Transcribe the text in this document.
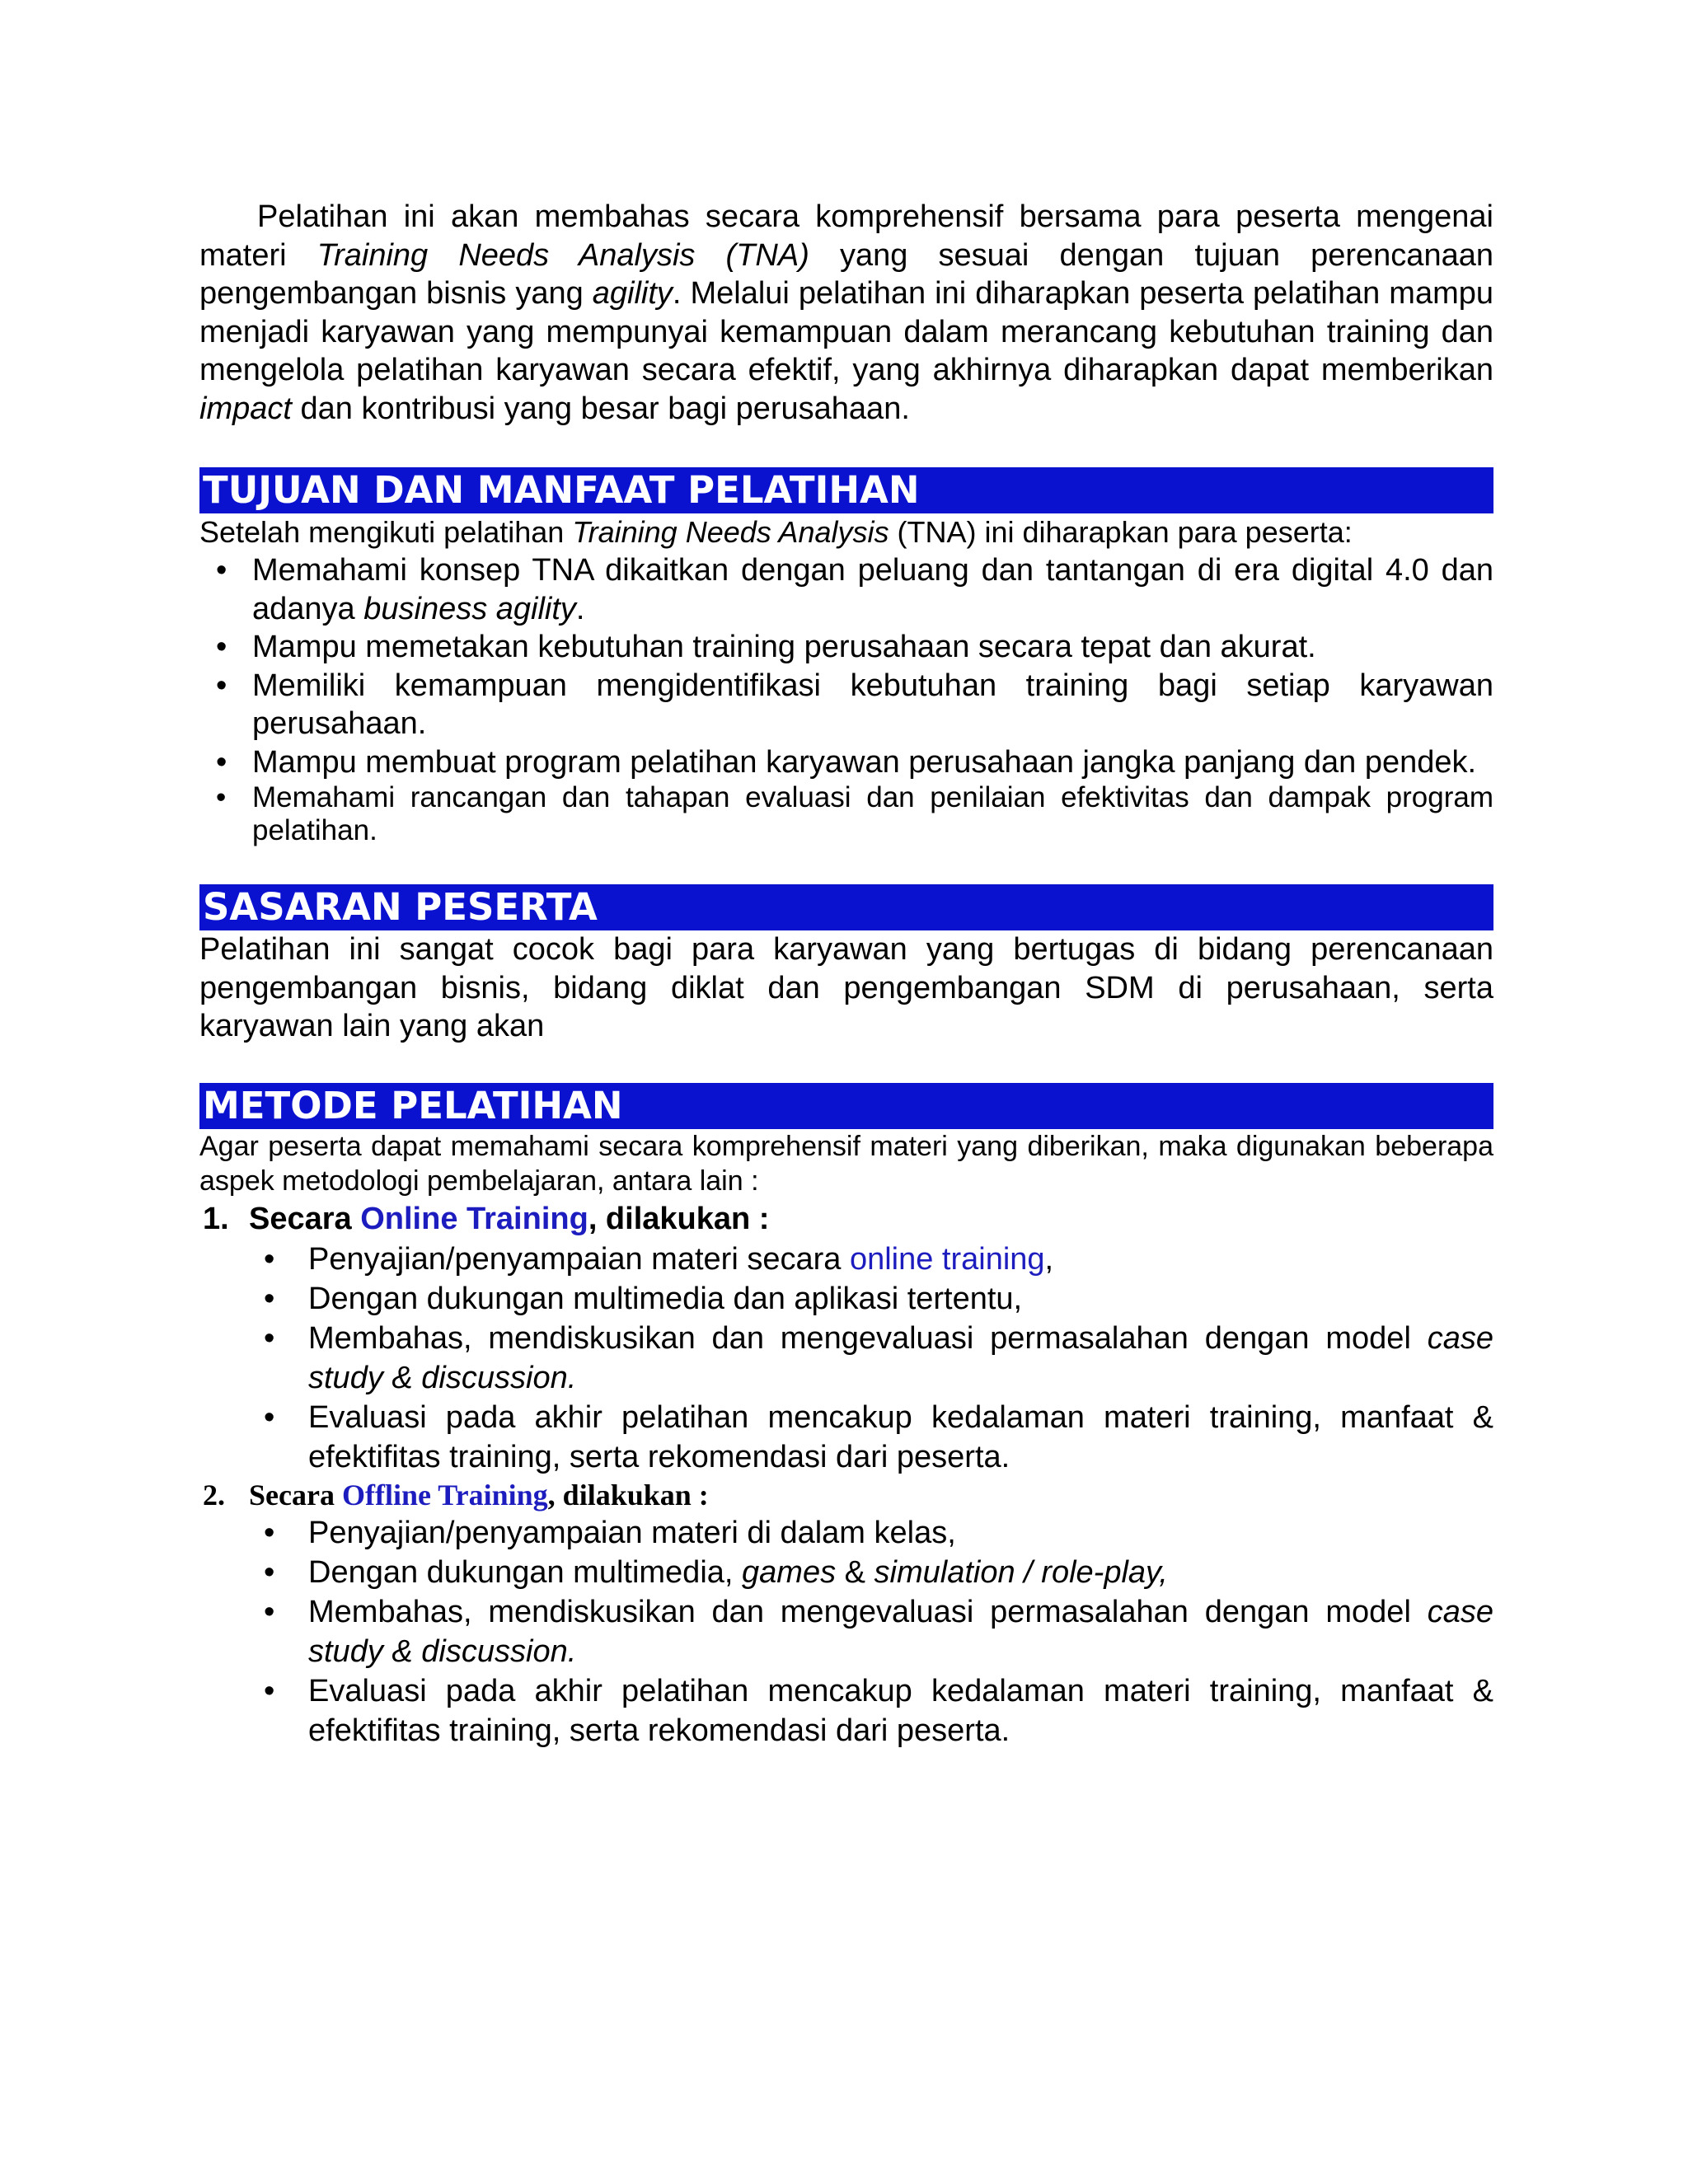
Pelatihan ini akan membahas secara komprehensif bersama para peserta mengenai materi Training Needs Analysis (TNA) yang sesuai dengan tujuan perencanaan pengembangan bisnis yang agility. Melalui pelatihan ini diharapkan peserta pelatihan mampu menjadi karyawan yang mempunyai kemampuan dalam merancang kebutuhan training dan mengelola pelatihan karyawan secara efektif, yang akhirnya diharapkan dapat memberikan impact dan kontribusi yang besar bagi perusahaan.

TUJUAN DAN MANFAAT PELATIHAN

Setelah mengikuti pelatihan Training Needs Analysis (TNA) ini diharapkan para peserta:

• Memahami konsep TNA dikaitkan dengan peluang dan tantangan di era digital 4.0 dan adanya business agility.
• Mampu memetakan kebutuhan training perusahaan secara tepat dan akurat.
• Memiliki kemampuan mengidentifikasi kebutuhan training bagi setiap karyawan perusahaan.
• Mampu membuat program pelatihan karyawan perusahaan jangka panjang dan pendek.
• Memahami rancangan dan tahapan evaluasi dan penilaian efektivitas dan dampak program pelatihan.
SASARAN PESERTA

Pelatihan ini sangat cocok bagi para karyawan yang bertugas di bidang perencanaan pengembangan bisnis, bidang diklat dan pengembangan SDM di perusahaan, serta karyawan lain yang akan

METODE PELATIHAN

Agar peserta dapat memahami secara komprehensif materi yang diberikan, maka digunakan beberapa aspek metodologi pembelajaran, antara lain :

1. Secara Online Training, dilakukan :
• Penyajian/penyampaian materi secara online training,
• Dengan dukungan multimedia dan aplikasi tertentu,
• Membahas, mendiskusikan dan mengevaluasi permasalahan dengan model case study & discussion.
• Evaluasi pada akhir pelatihan mencakup kedalaman materi training, manfaat & efektifitas training, serta rekomendasi dari peserta.
2. Secara Offline Training, dilakukan :
• Penyajian/penyampaian materi di dalam kelas,
• Dengan dukungan multimedia, games & simulation / role-play,
• Membahas, mendiskusikan dan mengevaluasi permasalahan dengan model case study & discussion.
• Evaluasi pada akhir pelatihan mencakup kedalaman materi training, manfaat & efektifitas training, serta rekomendasi dari peserta.
